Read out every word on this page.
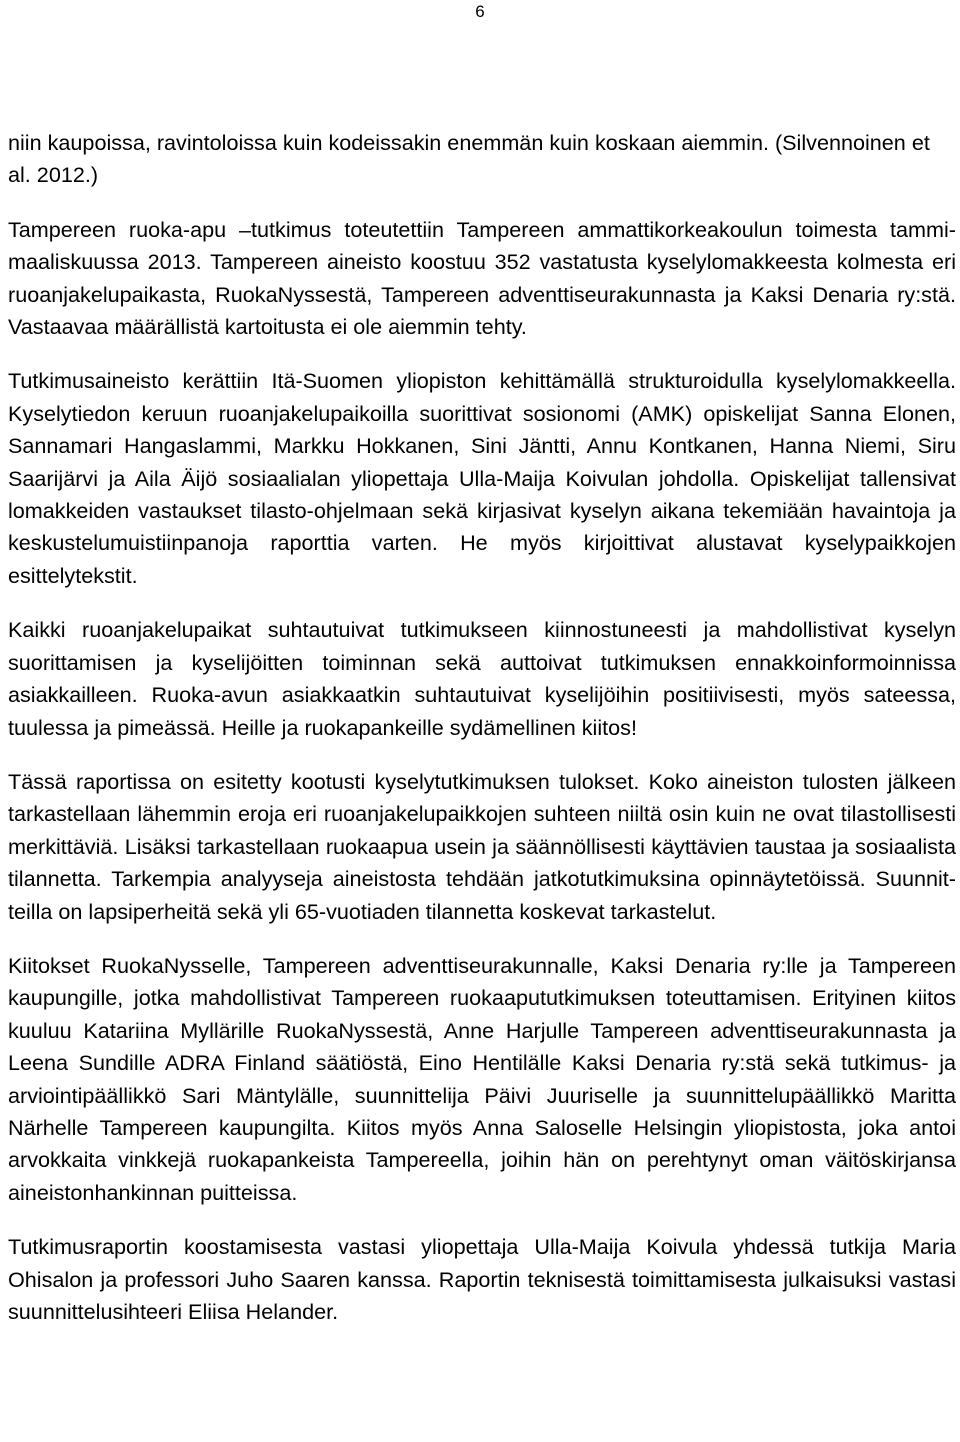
6

niin kaupoissa, ravintoloissa kuin kodeissakin enemmän kuin koskaan aiemmin. (Silvennoinen et al. 2012.)

Tampereen ruoka-apu –tutkimus toteutettiin Tampereen ammattikorkeakoulun toimesta tammi-maaliskuussa 2013. Tampereen aineisto koostuu 352 vastatusta kyselylomakkeesta kolmesta eri ruoanjakelupaikasta, RuokaNyssestä, Tampereen adventtiseurakunnasta ja Kaksi Denaria ry:stä. Vastaavaa määrällistä kartoitusta ei ole aiemmin tehty.

Tutkimusaineisto kerättiin Itä-Suomen yliopiston kehittämällä strukturoidulla kyselylomakkeella. Kyselytiedon keruun ruoanjakelupaikoilla suorittivat sosionomi (AMK) opiskelijat Sanna Elonen, Sannamari Hangaslammi, Markku Hokkanen, Sini Jäntti, Annu Kontkanen, Hanna Niemi, Siru Saarijärvi ja Aila Äijö sosiaalialan yliopettaja Ulla-Maija Koivulan johdolla. Opiskelijat tallensivat lomakkeiden vastaukset tilasto-ohjelmaan sekä kirjasivat kyselyn aikana tekemiään havaintoja ja keskustelumuistiinpanoja raporttia varten. He myös kirjoittivat alustavat kyselypaikkojen esittelytekstit.

Kaikki ruoanjakelupaikat suhtautuivat tutkimukseen kiinnostuneesti ja mahdollistivat kyselyn suorittamisen ja kyselijöitten toiminnan sekä auttoivat tutkimuksen ennakkoinformoinnissa asiakkailleen. Ruoka-avun asiakkaatkin suhtautuivat kyselijöihin positiivisesti, myös sateessa, tuulessa ja pimeässä. Heille ja ruokapankeille sydämellinen kiitos!

Tässä raportissa on esitetty kootusti kyselytutkimuksen tulokset. Koko aineiston tulosten jälkeen tarkastellaan lähemmin eroja eri ruoanjakelupaikkojen suhteen niiltä osin kuin ne ovat tilastollisesti merkittäviä. Lisäksi tarkastellaan ruokaapua usein ja säännöllisesti käyttävien taustaa ja sosiaalista tilannetta. Tarkempia analyyseja aineistosta tehdään jatkotutkimuksina opinnäytetöissä. Suunnitteilla on lapsiperheitä sekä yli 65-vuotiaden tilannetta koskevat tarkastelut.

Kiitokset RuokaNysselle, Tampereen adventtiseurakunnalle, Kaksi Denaria ry:lle ja Tampereen kaupungille, jotka mahdollistivat Tampereen ruokaapututkimuksen toteuttamisen. Erityinen kiitos kuuluu Katariina Myllärille RuokaNyssestä, Anne Harjulle Tampereen adventtiseurakunnasta ja Leena Sundille ADRA Finland säätiöstä, Eino Hentilälle Kaksi Denaria ry:stä sekä tutkimus- ja arviointipäällikkö Sari Mäntylälle, suunnittelija Päivi Juuriselle ja suunnittelupäällikkö Maritta Närhelle Tampereen kaupungilta. Kiitos myös Anna Saloselle Helsingin yliopistosta, joka antoi arvokkaita vinkkejä ruokapankeista Tampereella, joihin hän on perehtynyt oman väitöskirjansa aineistonhankinnan puitteissa.

Tutkimusraportin koostamisesta vastasi yliopettaja Ulla-Maija Koivula yhdessä tutkija Maria Ohisalon ja professori Juho Saaren kanssa. Raportin teknisestä toimittamisesta julkaisuksi vastasi suunnittelusihteeri Eliisa Helander.
